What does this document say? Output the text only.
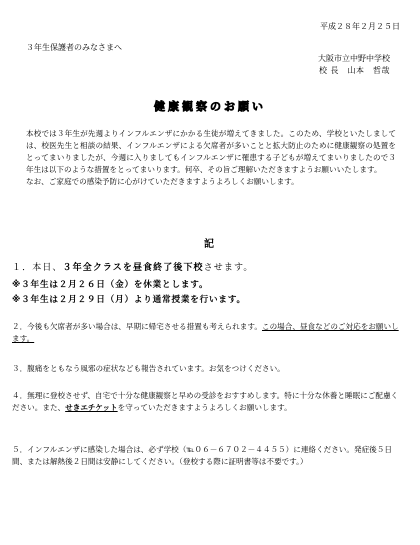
平成２８年２月２５日
３年生保護者のみなさまへ
大阪市立中野中学校
校 長　山本　哲哉
健康観察のお願い

本校では３年生が先週よりインフルエンザにかかる生徒が増えてきました。このため、学校といたしましては、校医先生と相談の結果、インフルエンザによる欠席者が多いことと拡大防止のために健康観察の処置をとってまいりましたが、今週に入りましてもインフルエンザに罹患する子どもが増えてまいりましたので３年生は以下のような措置をとってまいります。何卒、その旨ご理解いただきますようお願いいたします。

なお、ご家庭での感染予防に心がけていただきますようよろしくお願いします。

記
１．本日、３年全クラスを昼食終了後下校させます。
※３年生は２月２６日（金）を休業とします。
※３年生は２月２９日（月）より通常授業を行います。
２．今後も欠席者が多い場合は、早期に帰宅させる措置も考えられます。この場合、昼食などのご対応をお願いします。
３．腹痛をともなう風邪の症状なども報告されています。お気をつけください。
４．無理に登校させず、自宅で十分な健康観察と早めの受診をおすすめします。特に十分な休養と睡眠にご配慮ください。また、せきエチケットを守っていただきますようよろしくお願いします。
５．インフルエンザに感染した場合は、必ず学校（℡０６－６７０２－４４５５）に連絡ください。発症後５日間、または解熱後２日間は安静にしてください。（登校する際に証明書等は不要です。）
